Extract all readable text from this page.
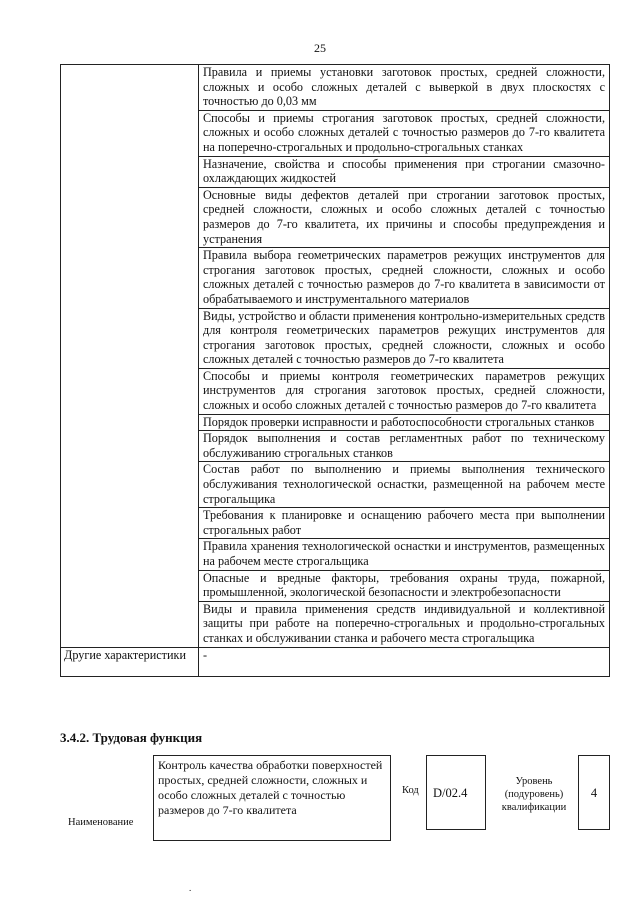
25
	Правила и приемы установки заготовок простых, средней сложности, сложных и особо сложных деталей с выверкой в двух плоскостях с точностью до 0,03 мм
	Способы и приемы строгания заготовок простых, средней сложности, сложных и особо сложных деталей с точностью размеров до 7-го квалитета на поперечно-строгальных и продольно-строгальных станках
	Назначение, свойства и способы применения при строгании смазочно-охлаждающих жидкостей
	Основные виды дефектов деталей при строгании заготовок простых, средней сложности, сложных и особо сложных деталей с точностью размеров до 7-го квалитета, их причины и способы предупреждения и устранения
	Правила выбора геометрических параметров режущих инструментов для строгания заготовок простых, средней сложности, сложных и особо сложных деталей с точностью размеров до 7-го квалитета в зависимости от обрабатываемого и инструментального материалов
	Виды, устройство и области применения контрольно-измерительных средств для контроля геометрических параметров режущих инструментов для строгания заготовок простых, средней сложности, сложных и особо сложных деталей с точностью размеров до 7-го квалитета
	Способы и приемы контроля геометрических параметров режущих инструментов для строгания заготовок простых, средней сложности, сложных и особо сложных деталей с точностью размеров до 7-го квалитета
	Порядок проверки исправности и работоспособности строгальных станков
	Порядок выполнения и состав регламентных работ по техническому обслуживанию строгальных станков
	Состав работ по выполнению и приемы выполнения технического обслуживания технологической оснастки, размещенной на рабочем месте строгальщика
	Требования к планировке и оснащению рабочего места при выполнении строгальных работ
	Правила хранения технологической оснастки и инструментов, размещенных на рабочем месте строгальщика
	Опасные и вредные факторы, требования охраны труда, пожарной, промышленной, экологической безопасности и электробезопасности
	Виды и правила применения средств индивидуальной и коллективной защиты при работе на поперечно-строгальных и продольно-строгальных станках и обслуживании станка и рабочего места строгальщика
Другие характеристики	-
3.4.2. Трудовая функция
Наименование
Контроль качества обработки поверхностей простых, средней сложности, сложных и особо сложных деталей с точностью размеров до 7-го квалитета
Код	D/02.4
Уровень (подуровень) квалификации
4
.
